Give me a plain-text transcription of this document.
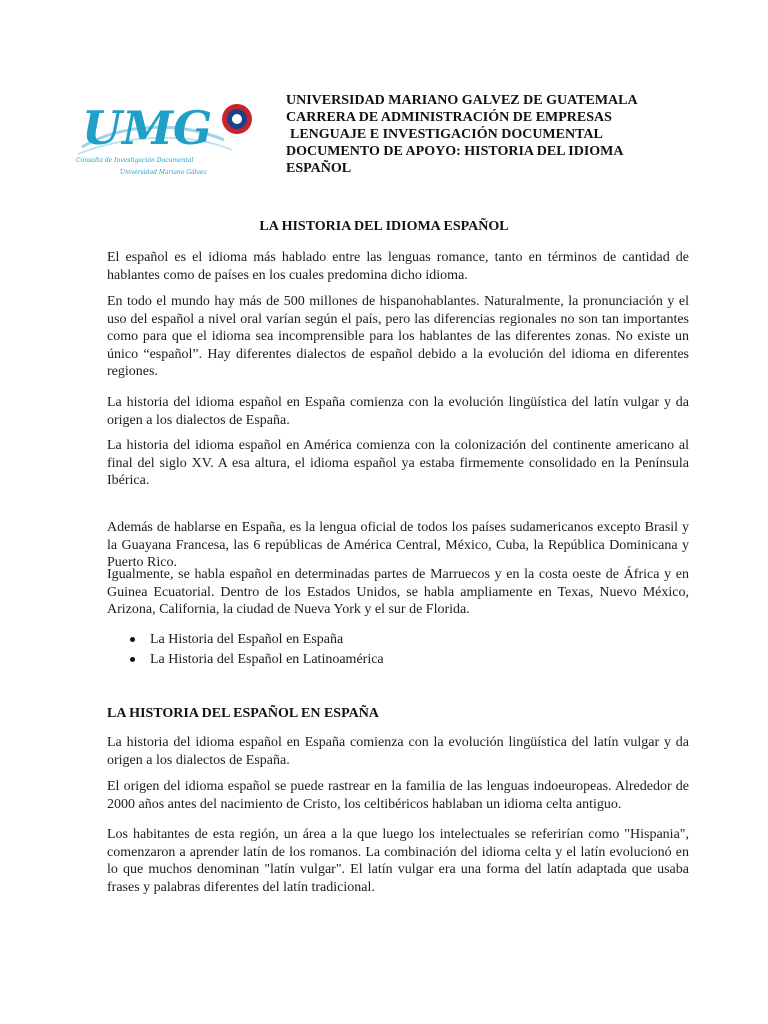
UMG
Consulta de Investigación Documental
Universidad Mariano Gálvez
UNIVERSIDAD MARIANO GALVEZ DE GUATEMALA
CARRERA DE ADMINISTRACIÓN DE EMPRESAS
LENGUAJE E INVESTIGACIÓN DOCUMENTAL
DOCUMENTO DE APOYO: HISTORIA DEL IDIOMA
ESPAÑOL
LA HISTORIA DEL IDIOMA ESPAÑOL
El español es el idioma más hablado entre las lenguas romance, tanto en términos de cantidad de hablantes como de países en los cuales predomina dicho idioma.
En todo el mundo hay más de 500 millones de hispanohablantes. Naturalmente, la pronunciación y el uso del español a nivel oral varían según el país, pero las diferencias regionales no son tan importantes como para que el idioma sea incomprensible para los hablantes de las diferentes zonas. No existe un único “español”. Hay diferentes dialectos de español debido a la evolución del idioma en diferentes regiones.
La historia del idioma español en España comienza con la evolución lingüística del latín vulgar y da origen a los dialectos de España.
La historia del idioma español en América comienza con la colonización del continente americano al final del siglo XV. A esa altura, el idioma español ya estaba firmemente consolidado en la Península Ibérica.
Además de hablarse en España, es la lengua oficial de todos los países sudamericanos excepto Brasil y la Guayana Francesa, las 6 repúblicas de América Central, México, Cuba, la República Dominicana y Puerto Rico.
Igualmente, se habla español en determinadas partes de Marruecos y en la costa oeste de África y en Guinea Ecuatorial. Dentro de los Estados Unidos, se habla ampliamente en Texas, Nuevo México, Arizona, California, la ciudad de Nueva York y el sur de Florida.
La Historia del Español en España
La Historia del Español en Latinoamérica
LA HISTORIA DEL ESPAÑOL EN ESPAÑA
La historia del idioma español en España comienza con la evolución lingüística del latín vulgar y da origen a los dialectos de España.
El origen del idioma español se puede rastrear en la familia de las lenguas indoeuropeas. Alrededor de 2000 años antes del nacimiento de Cristo, los celtibéricos hablaban un idioma celta antiguo.
Los habitantes de esta región, un área a la que luego los intelectuales se referirían como "Hispania", comenzaron a aprender latín de los romanos. La combinación del idioma celta y el latín evolucionó en lo que muchos denominan "latín vulgar". El latín vulgar era una forma del latín adaptada que usaba frases y palabras diferentes del latín tradicional.
